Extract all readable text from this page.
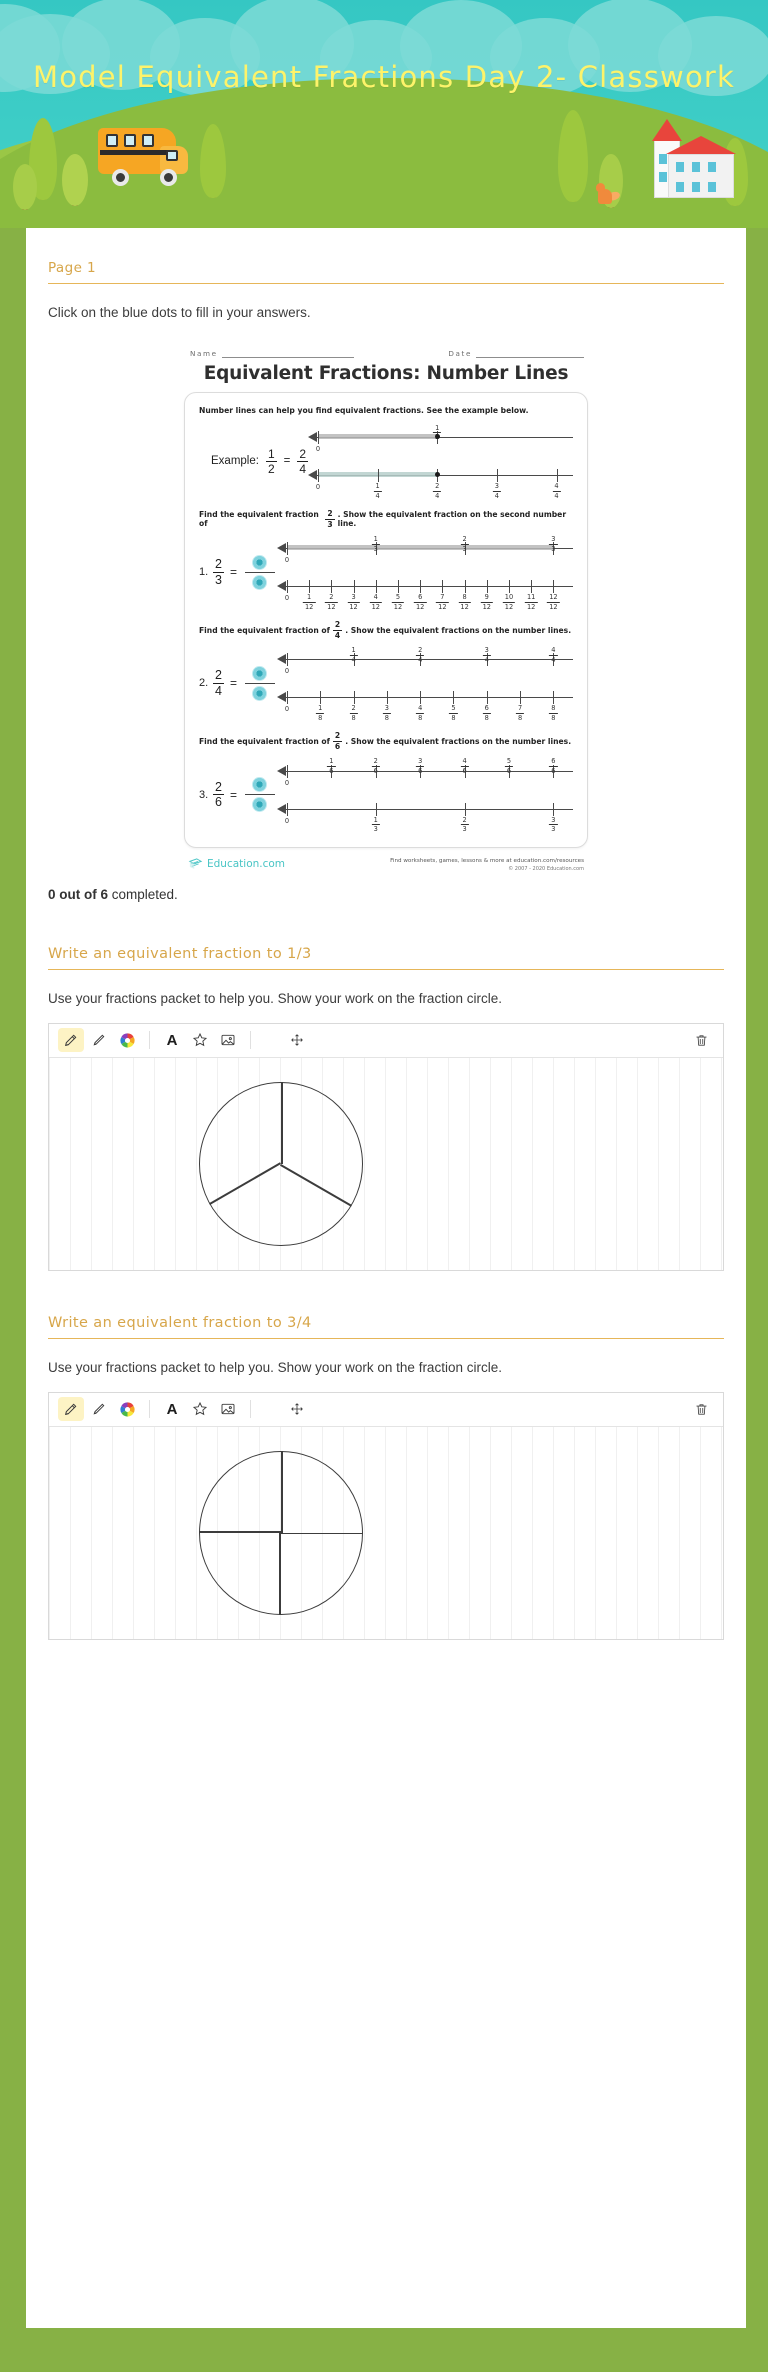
Model Equivalent Fractions Day 2- Classwork
Page 1
Click on the blue dots to fill in your answers.
Name	Date
Equivalent Fractions: Number Lines
Number lines can help you find equivalent fractions. See the example below.
Example: $\frac{1}{2} = \frac{2}{4} 0$
1
0	$\frac{1}{4}$	$\frac{2}{4}$	$\frac{3}{4}$	$\frac{4}{4}$
Find the equivalent fraction of	$\frac{2}{3}$ . Show the equivalent fraction on the second number line.
1. $\frac{2}{3}$ =
0
$\frac{1}{3}$	$\frac{2}{3}$	$\frac{3}{3}$
$0 \frac{1}{12} \frac{2}{12} \frac{3}{12} \frac{4}{12} \frac{5}{12} \frac{6}{12} \frac{7}{12} \frac{8}{12} \frac{9}{12} \frac{10}{12} \frac{11}{12} \frac{12}{12}$
Find the equivalent fraction of $\frac{2}{4}$ . Show the equivalent fractions on the number lines.
2. $\frac{2}{4}$ =
0
$\frac{1}{4}$	$\frac{2}{4}$	$\frac{3}{4}$	$\frac{4}{4}$
0	$\frac{1}{8}$	$\frac{2}{8}$	$\frac{3}{8}$	$\frac{4}{8}$	$\frac{5}{8}$	$\frac{6}{8}$	$\frac{7}{8}$	$\frac{8}{8}$
Find the equivalent fraction of $\frac{2}{6}$ . Show the equivalent fractions on the number lines.
3. $\frac{2}{6}$ =
0
$\frac{1}{6}$	$\frac{2}{6}$	$\frac{3}{6}$	$\frac{4}{6}$	$\frac{5}{6}$	$\frac{6}{6}$
0	$\frac{1}{3}$	$\frac{2}{3}$	$\frac{3}{3}$
Education.com	Find worksheets, games, lessons & more at education.com/resources
© 2007 - 2020 Education.com
0 out of 6 completed.
Write an equivalent fraction to 1/3
Use your fractions packet to help you. Show your work on the fraction circle.
A
Write an equivalent fraction to 3/4
Use your fractions packet to help you. Show your work on the fraction circle.
A
